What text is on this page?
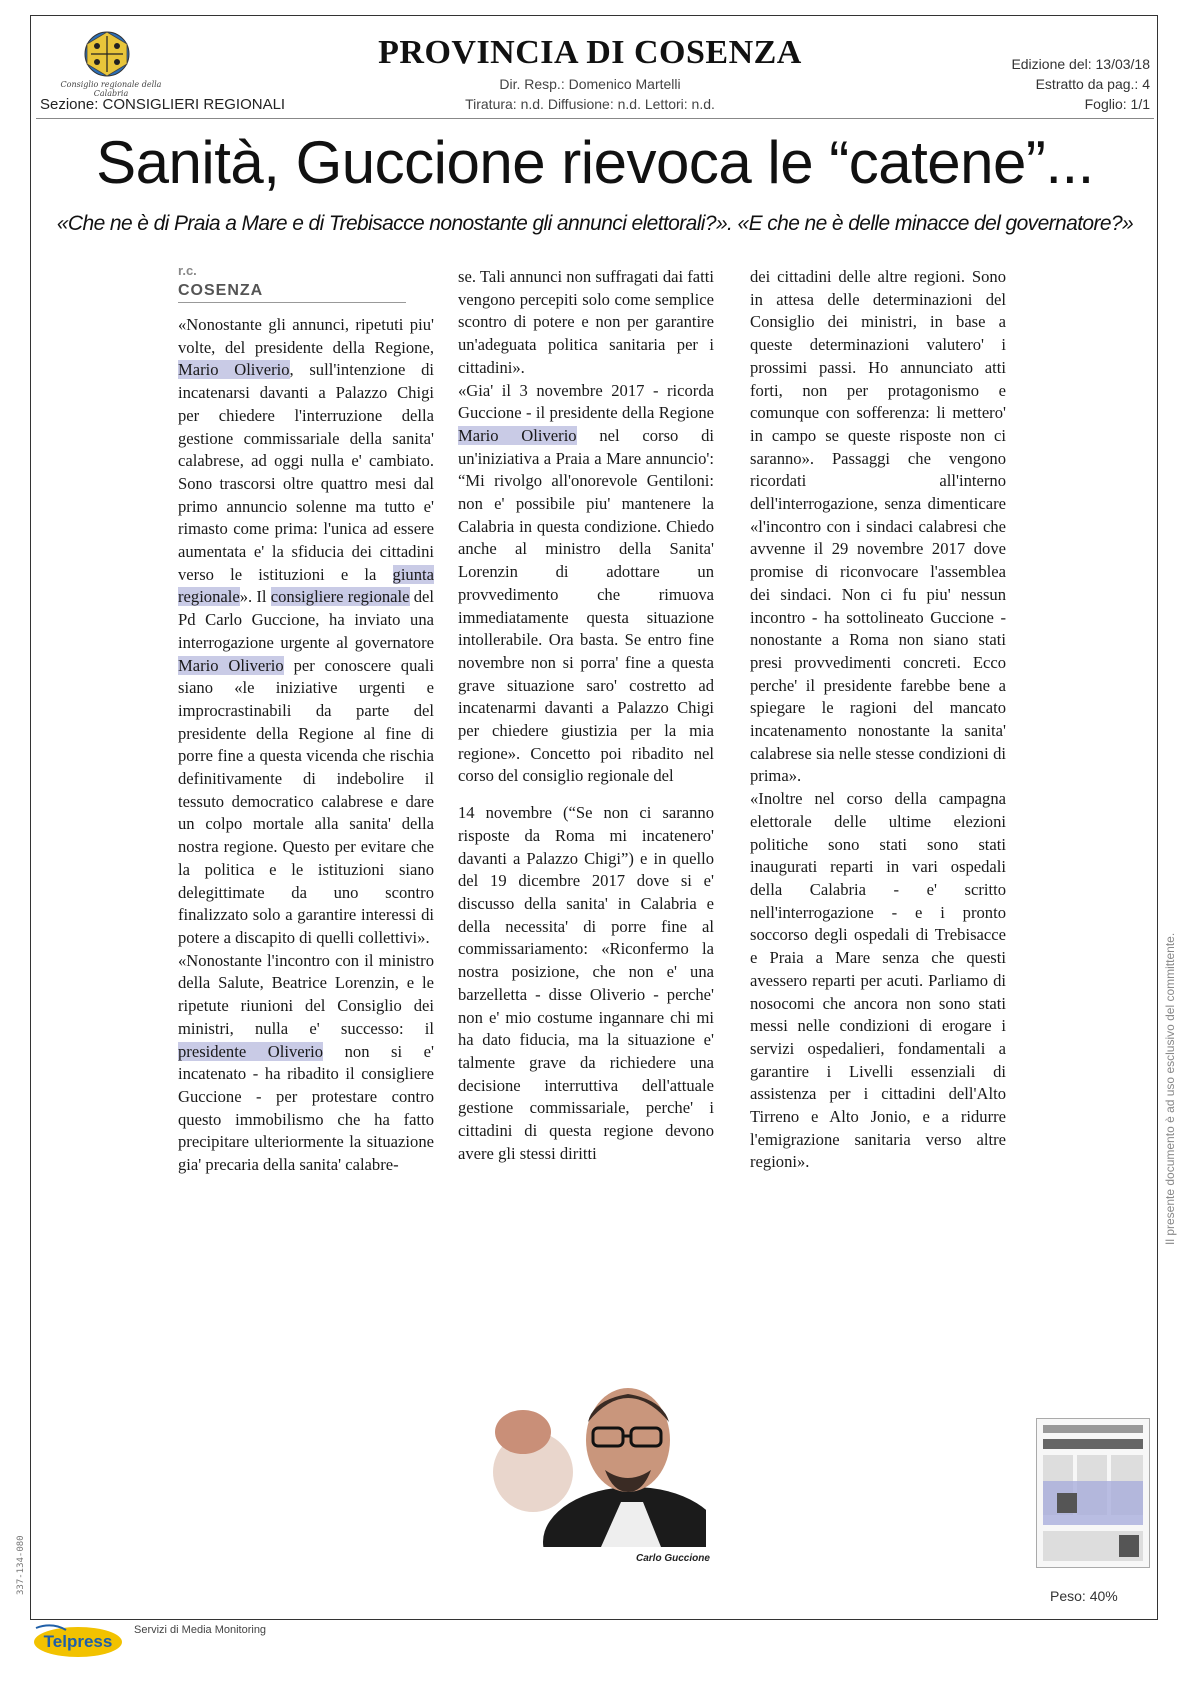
Consiglio regionale della Calabria
Sezione: CONSIGLIERI REGIONALI
PROVINCIA DI COSENZA
Dir. Resp.: Domenico Martelli
Tiratura: n.d. Diffusione: n.d. Lettori: n.d.
Edizione del: 13/03/18
Estratto da pag.: 4
Foglio: 1/1
Sanità, Guccione rievoca le “catene”...
«Che ne è di Praia a Mare e di Trebisacce nonostante gli annunci elettorali?». «E che ne è delle minacce del governatore?»
r.c.
COSENZA

«Nonostante gli annunci, ripetuti piu' volte, del presidente della Regione, Mario Oliverio, sull'intenzione di incatenarsi davanti a Palazzo Chigi per chiedere l'interruzione della gestione commissariale della sanita' calabrese, ad oggi nulla e' cambiato. Sono trascorsi oltre quattro mesi dal primo annuncio solenne ma tutto e' rimasto come prima: l'unica ad essere aumentata e' la sfiducia dei cittadini verso le istituzioni e la giunta regionale». Il consigliere regionale del Pd Carlo Guccione, ha inviato una interrogazione urgente al governatore Mario Oliverio per conoscere quali siano «le iniziative urgenti e improcrastinabili da parte del presidente della Regione al fine di porre fine a questa vicenda che rischia definitivamente di indebolire il tessuto democratico calabrese e dare un colpo mortale alla sanita' della nostra regione. Questo per evitare che la politica e le istituzioni siano delegittimate da uno scontro finalizzato solo a garantire interessi di potere a discapito di quelli collettivi».

«Nonostante l'incontro con il ministro della Salute, Beatrice Lorenzin, e le ripetute riunioni del Consiglio dei ministri, nulla e' successo: il presidente Oliverio non si e' incatenato - ha ribadito il consigliere Guccione - per protestare contro questo immobilismo che ha fatto precipitare ulteriormente la situazione gia' precaria della sanita' calabre-

se. Tali annunci non suffragati dai fatti vengono percepiti solo come semplice scontro di potere e non per garantire un'adeguata politica sanitaria per i cittadini».

«Gia' il 3 novembre 2017 - ricorda Guccione - il presidente della Regione Mario Oliverio nel corso di un'iniziativa a Praia a Mare annuncio': “Mi rivolgo all'onorevole Gentiloni: non e' possibile piu' mantenere la Calabria in questa condizione. Chiedo anche al ministro della Sanita' Lorenzin di adottare un provvedimento che rimuova immediatamente questa situazione intollerabile. Ora basta. Se entro fine novembre non si porra' fine a questa grave situazione saro' costretto ad incatenarmi davanti a Palazzo Chigi per chiedere giustizia per la mia regione». Concetto poi ribadito nel corso del consiglio regionale del

14 novembre (“Se non ci saranno risposte da Roma mi incatenero' davanti a Palazzo Chigi”) e in quello del 19 dicembre 2017 dove si e' discusso della sanita' in Calabria e della necessita' di porre fine al commissariamento: «Riconfermo la nostra posizione, che non e' una barzelletta - disse Oliverio - perche' non e' mio costume ingannare chi mi ha dato fiducia, ma la situazione e' talmente grave da richiedere una decisione interruttiva dell'attuale gestione commissariale, perche' i cittadini di questa regione devono avere gli stessi diritti

dei cittadini delle altre regioni. Sono in attesa delle determinazioni del Consiglio dei ministri, in base a queste determinazioni valutero' i prossimi passi. Ho annunciato atti forti, non per protagonismo e comunque con sofferenza: li mettero' in campo se queste risposte non ci saranno». Passaggi che vengono ricordati all'interno dell'interrogazione, senza dimenticare «l'incontro con i sindaci calabresi che avvenne il 29 novembre 2017 dove promise di riconvocare l'assemblea dei sindaci. Non ci fu piu' nessun incontro - ha sottolineato Guccione - nonostante a Roma non siano stati presi provvedimenti concreti. Ecco perche' il presidente farebbe bene a spiegare le ragioni del mancato incatenamento nonostante la sanita' calabrese sia nelle stesse condizioni di prima».

«Inoltre nel corso della campagna elettorale delle ultime elezioni politiche sono stati sono stati inaugurati reparti in vari ospedali della Calabria - e' scritto nell'interrogazione - e i pronto soccorso degli ospedali di Trebisacce e Praia a Mare senza che questi avessero reparti per acuti. Parliamo di nosocomi che ancora non sono stati messi nelle condizioni di erogare i servizi ospedalieri, fondamentali a garantire i Livelli essenziali di assistenza per i cittadini dell'Alto Tirreno e Alto Jonio, e a ridurre l'emigrazione sanitaria verso altre regioni».

Carlo Guccione
Peso: 40%
Il presente documento è ad uso esclusivo del committente.
337-134-080
Telpress
Servizi di Media Monitoring
